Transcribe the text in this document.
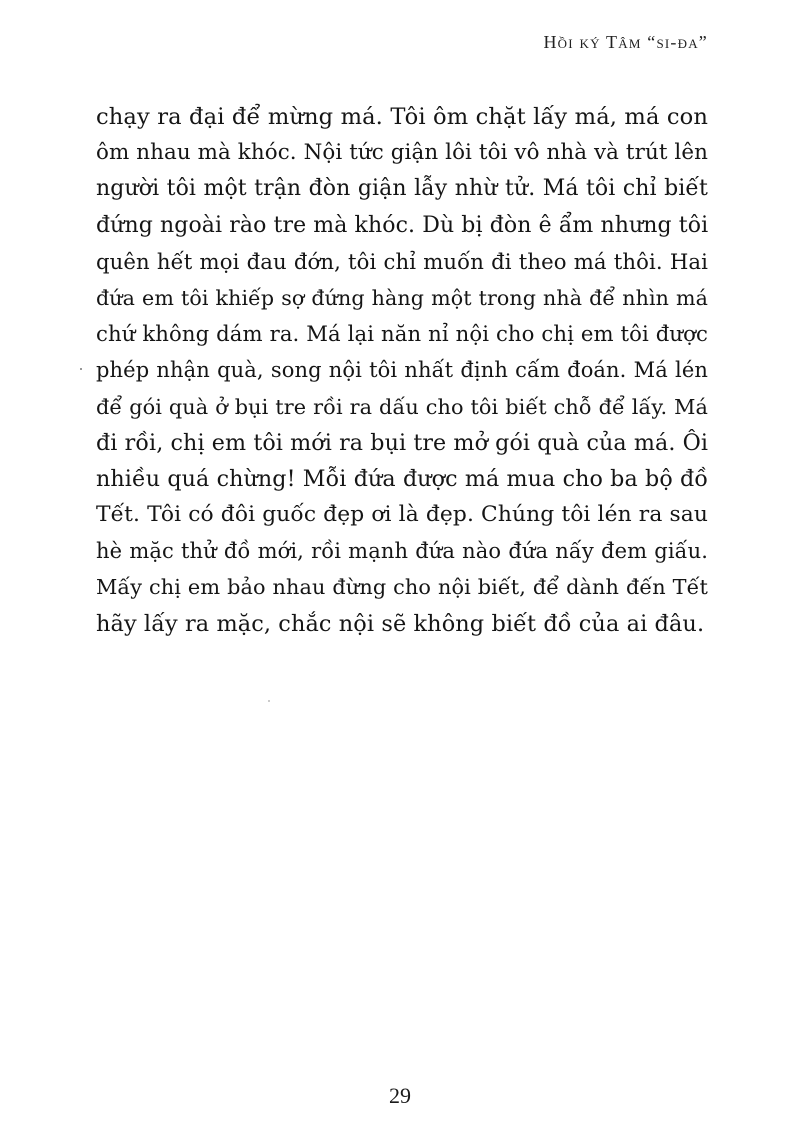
Hồi ký Tâm “si-đa”
chạy ra đại để mừng má. Tôi ôm chặt lấy má, má con
ôm nhau mà khóc. Nội tức giận lôi tôi vô nhà và trút lên
người tôi một trận đòn giận lẫy nhừ tử. Má tôi chỉ biết
đứng ngoài rào tre mà khóc. Dù bị đòn ê ẩm nhưng tôi
quên hết mọi đau đớn, tôi chỉ muốn đi theo má thôi. Hai
đứa em tôi khiếp sợ đứng hàng một trong nhà để nhìn má
chứ không dám ra. Má lại năn nỉ nội cho chị em tôi được
phép nhận quà, song nội tôi nhất định cấm đoán. Má lén
để gói quà ở bụi tre rồi ra dấu cho tôi biết chỗ để lấy. Má
đi rồi, chị em tôi mới ra bụi tre mở gói quà của má. Ôi
nhiều quá chừng! Mỗi đứa được má mua cho ba bộ đồ
Tết. Tôi có đôi guốc đẹp ơi là đẹp. Chúng tôi lén ra sau
hè mặc thử đồ mới, rồi mạnh đứa nào đứa nấy đem giấu.
Mấy chị em bảo nhau đừng cho nội biết, để dành đến Tết
hãy lấy ra mặc, chắc nội sẽ không biết đồ của ai đâu.
29
